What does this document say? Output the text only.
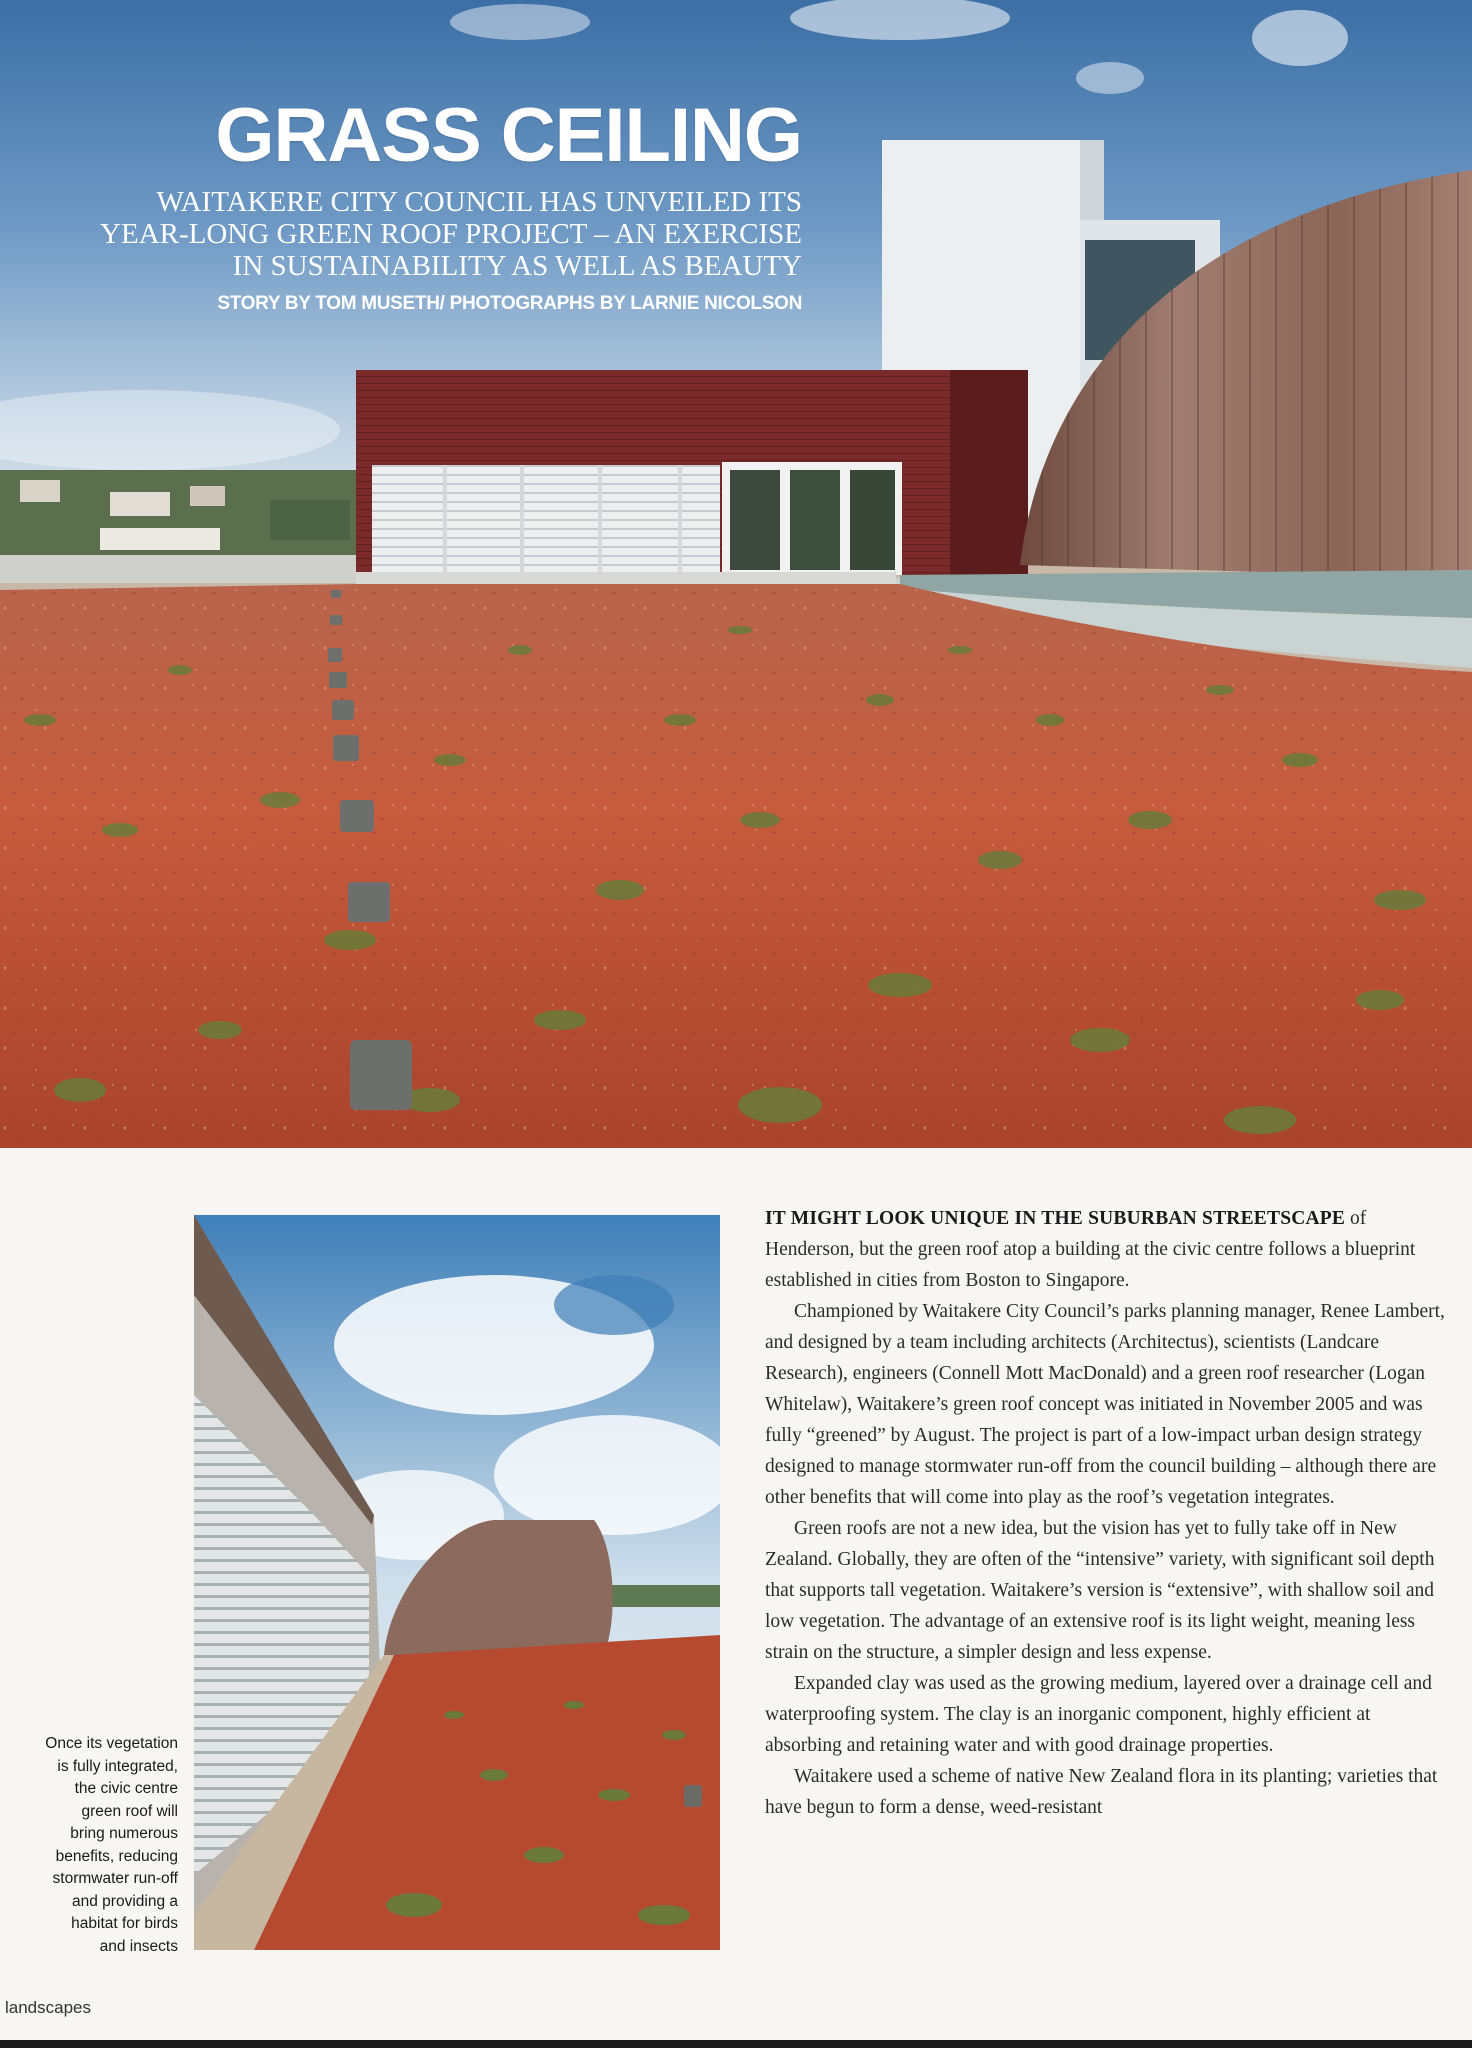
GRASS CEILING

WAITAKERE CITY COUNCIL HAS UNVEILED ITS
YEAR-LONG GREEN ROOF PROJECT – AN EXERCISE
IN SUSTAINABILITY AS WELL AS BEAUTY

STORY BY TOM MUSETH/ PHOTOGRAPHS BY LARNIE NICOLSON

Once its vegetation
is fully integrated,
the civic centre
green roof will
bring numerous
benefits, reducing
stormwater run-off
and providing a
habitat for birds
and insects

IT MIGHT LOOK UNIQUE IN THE SUBURBAN STREETSCAPE of Henderson, but the green roof atop a building at the civic centre follows a blueprint established in cities from Boston to Singapore.

Championed by Waitakere City Council’s parks planning manager, Renee Lambert, and designed by a team including architects (Architectus), scientists (Landcare Research), engineers (Connell Mott MacDonald) and a green roof researcher (Logan Whitelaw), Waitakere’s green roof concept was initiated in November 2005 and was fully “greened” by August. The project is part of a low-impact urban design strategy designed to manage stormwater run-off from the council building – although there are other benefits that will come into play as the roof’s vegetation integrates.

Green roofs are not a new idea, but the vision has yet to fully take off in New Zealand. Globally, they are often of the “intensive” variety, with significant soil depth that supports tall vegetation. Waitakere’s version is “extensive”, with shallow soil and low vegetation. The advantage of an extensive roof is its light weight, meaning less strain on the structure, a simpler design and less expense.

Expanded clay was used as the growing medium, layered over a drainage cell and waterproofing system. The clay is an inorganic component, highly efficient at absorbing and retaining water and with good drainage properties.

Waitakere used a scheme of native New Zealand flora in its planting; varieties that have begun to form a dense, weed-resistant

landscapes
